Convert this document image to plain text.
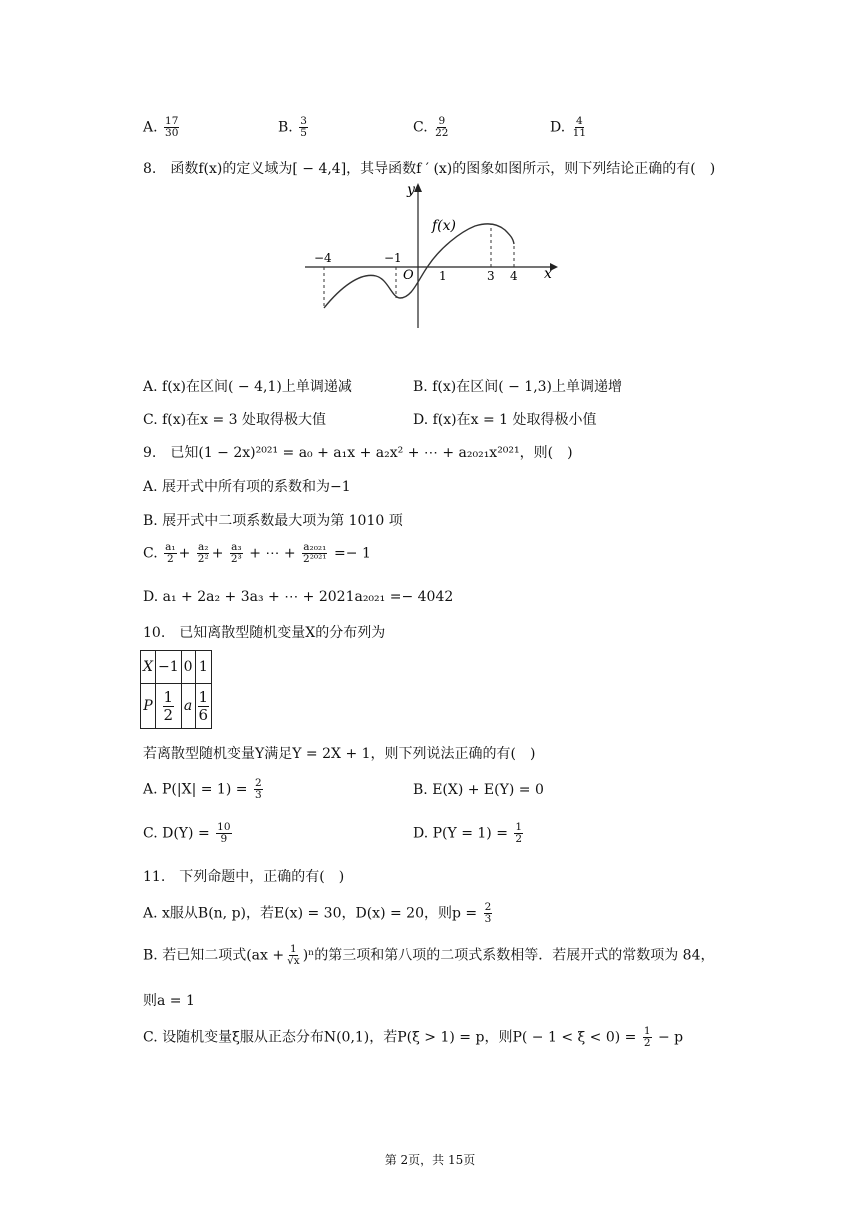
A. $\frac{17}{30}$	B. $\frac{3}{5}$	C. $\frac{9}{22}$	D. $\frac{4}{11}$
8.　函数f(x)的定义域为[ − 4,4]，其导函数f ′ (x)的图象如图所示，则下列结论正确的有(　)
y
x
f(x)
O
−4	−1
1	3 4
A. f(x)在区间( − 4,1)上单调递减	B. f(x)在区间( − 1,3)上单调递增
C. f(x)在x = 3 处取得极大值	D. f(x)在x = 1 处取得极小值
9.　已知(1 − 2x)²⁰²¹ = a₀ + a₁x + a₂x² + ⋯ + a₂₀₂₁x²⁰²¹，则(　)
A. 展开式中所有项的系数和为−1
B. 展开式中二项系数最大项为第 1010 项
C. $\frac{\text{a₁}}{2} + \frac{\text{a₂}}{\text{2²}} + \frac{\text{a₃}}{\text{2³}}$ + ⋯ + $\frac{\text{a₂₀₂₁}}{\text{2²⁰²¹}} =- 1$
D. a₁ + 2a₂ + 3a₃ + ⋯ + 2021a₂₀₂₁ =− 4042
10.　已知离散型随机变量X的分布列为
X	−1	0	1
P	$\frac{1}{2}$	a	$\frac{1}{6}$
若离散型随机变量Y满足Y = 2X + 1，则下列说法正确的有(　)
A. $P(|X| = 1) = \frac{2}{3}$	B. E(X) + E(Y) = 0
C. $D(Y) = \frac{10}{9}$	D. $P(Y = 1) = \frac{1}{2}$
11.　下列命题中，正确的有(　)
A. x服从B(n, p)，若E(x) = 30，D(x) = 20，则$p = \frac{2}{3}$
B. 若已知二项式$(ax + \frac{1}{√x} )^n$的第三项和第八项的二项式系数相等．若展开式的常数项为 84，
则a = 1
C. 设随机变量ξ服从正态分布N(0,1)，若P(ξ > 1) = p，则$P( - 1 < \xi < 0) = \frac{1}{2} - p$
第 2页，共 15页
